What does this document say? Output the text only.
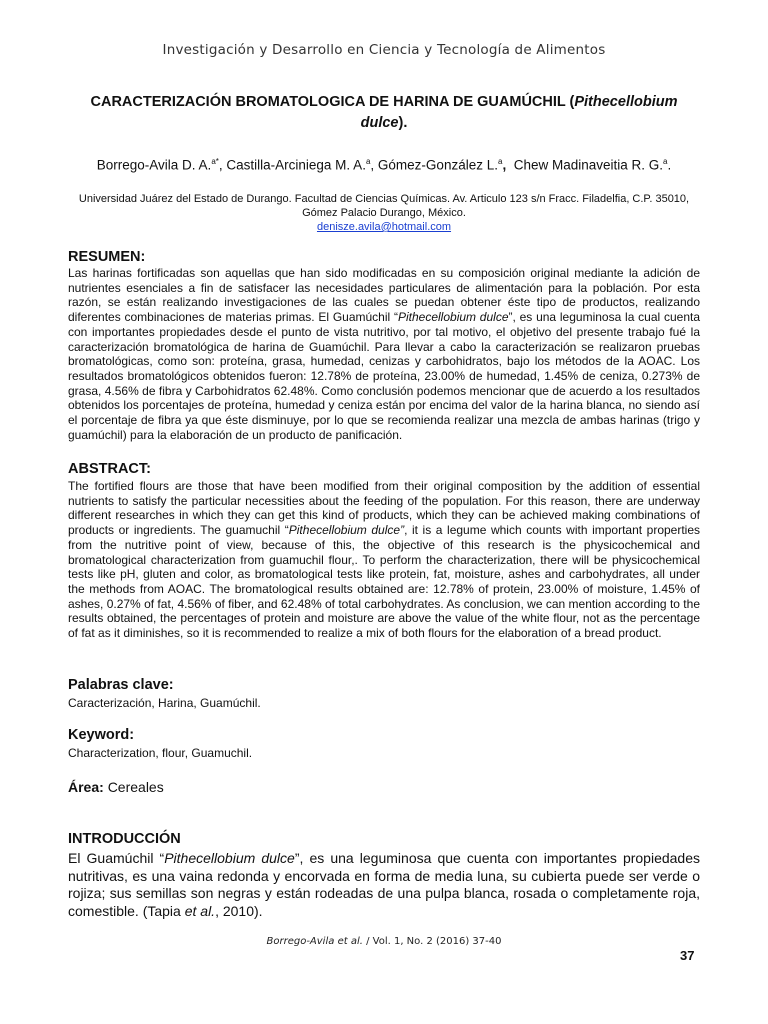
Investigación y Desarrollo en Ciencia y Tecnología de Alimentos
CARACTERIZACIÓN BROMATOLOGICA DE HARINA DE GUAMÚCHIL (Pithecellobium dulce).
Borrego-Avila D. A.$^{a*}$, Castilla-Arciniega M. A.$^a$, Gómez-González L.$^a$, Chew Madinaveitia R. G.$^a$.
Universidad Juárez del Estado de Durango. Facultad de Ciencias Químicas. Av. Articulo 123 s/n Fracc. Filadelfia, C.P. 35010,
Gómez Palacio Durango, México.
denisze.avila@hotmail.com
RESUMEN:
Las harinas fortificadas son aquellas que han sido modificadas en su composición original mediante la adición de nutrientes esenciales a fin de satisfacer las necesidades particulares de alimentación para la población. Por esta razón, se están realizando investigaciones de las cuales se puedan obtener éste tipo de productos, realizando diferentes combinaciones de materias primas. El Guamúchil “Pithecellobium dulce”, es una leguminosa la cual cuenta con importantes propiedades desde el punto de vista nutritivo, por tal motivo, el objetivo del presente trabajo fué la caracterización bromatológica de harina de Guamúchil. Para llevar a cabo la caracterización se realizaron pruebas bromatológicas, como son: proteína, grasa, humedad, cenizas y carbohidratos, bajo los métodos de la AOAC. Los resultados bromatológicos obtenidos fueron: 12.78% de proteína, 23.00% de humedad, 1.45% de ceniza, 0.273% de grasa, 4.56% de fibra y Carbohidratos 62.48%. Como conclusión podemos mencionar que de acuerdo a los resultados obtenidos los porcentajes de proteína, humedad y ceniza están por encima del valor de la harina blanca, no siendo así el porcentaje de fibra ya que éste disminuye, por lo que se recomienda realizar una mezcla de ambas harinas (trigo y guamúchil) para la elaboración de un producto de panificación.
ABSTRACT:
The fortified flours are those that have been modified from their original composition by the addition of essential nutrients to satisfy the particular necessities about the feeding of the population. For this reason, there are underway different researches in which they can get this kind of products, which they can be achieved making combinations of products or ingredients. The guamuchil “Pithecellobium dulce”, it is a legume which counts with important properties from the nutritive point of view, because of this, the objective of this research is the physicochemical and bromatological characterization from guamuchil flour,. To perform the characterization, there will be physicochemical tests like pH, gluten and color, as bromatological tests like protein, fat, moisture, ashes and carbohydrates, all under the methods from AOAC. The bromatological results obtained are: 12.78% of protein, 23.00% of moisture, 1.45% of ashes, 0.27% of fat, 4.56% of fiber, and 62.48% of total carbohydrates. As conclusion, we can mention according to the results obtained, the percentages of protein and moisture are above the value of the white flour, not as the percentage of fat as it diminishes, so it is recommended to realize a mix of both flours for the elaboration of a bread product.
Palabras clave:
Caracterización, Harina, Guamúchil.
Keyword:
Characterization, flour, Guamuchil.
Área: Cereales
INTRODUCCIÓN
El Guamúchil “Pithecellobium dulce”, es una leguminosa que cuenta con importantes propiedades nutritivas, es una vaina redonda y encorvada en forma de media luna, su cubierta puede ser verde o rojiza; sus semillas son negras y están rodeadas de una pulpa blanca, rosada o completamente roja, comestible. (Tapia et al., 2010).
Borrego-Avila et al. / Vol. 1, No. 2 (2016) 37-40
37
